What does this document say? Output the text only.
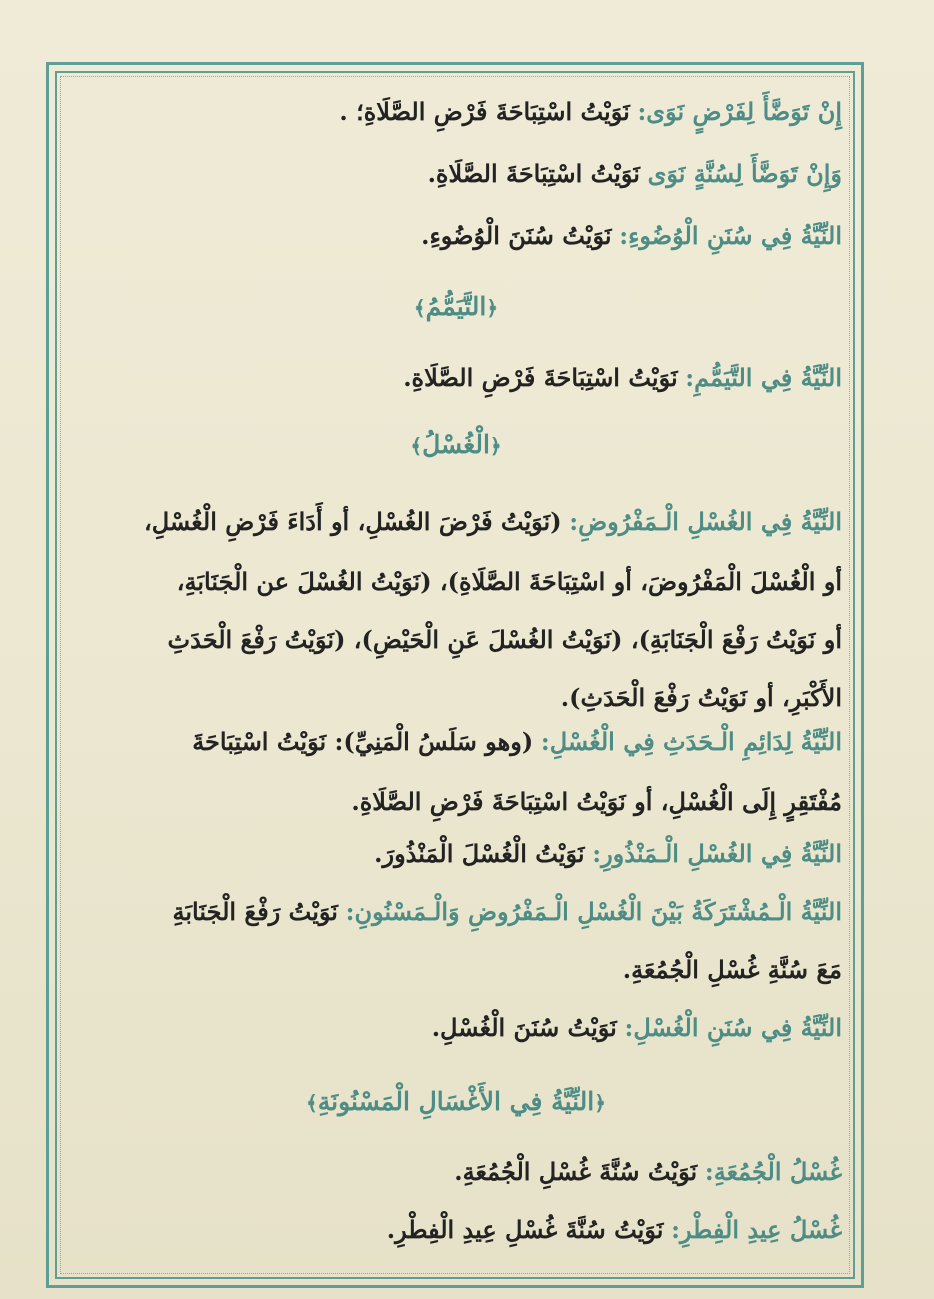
إِنْ تَوَضَّأَ لِفَرْضٍ نَوَى: نَوَيْتُ اسْتِبَاحَةَ فَرْضِ الصَّلَاةِ؛ .
وَإِنْ تَوَضَّأَ لِسُنَّةٍ نَوَى نَوَيْتُ اسْتِبَاحَةَ الصَّلَاةِ.
النِّيَّةُ فِي سُنَنِ الْوُضُوءِ: نَوَيْتُ سُنَنَ الْوُضُوءِ.
﴿التَّيَمُّمُ﴾
النِّيَّةُ فِي التَّيَمُّمِ: نَوَيْتُ اسْتِبَاحَةَ فَرْضِ الصَّلَاةِ.
﴿الْغُسْلُ﴾
النِّيَّةُ فِي الغُسْلِ الْـمَفْرُوضِ: (نَوَيْتُ فَرْضَ الغُسْلِ، أو أَدَاءَ فَرْضِ الْغُسْلِ،
أو الْغُسْلَ الْمَفْرُوضَ، أو اسْتِبَاحَةَ الصَّلَاةِ)، (نَوَيْتُ الغُسْلَ عن الْجَنَابَةِ،
أو نَوَيْتُ رَفْعَ الْجَنَابَةِ)، (نَوَيْتُ الغُسْلَ عَنِ الْحَيْضِ)، (نَوَيْتُ رَفْعَ الْحَدَثِ
الأَكْبَرِ، أو نَوَيْتُ رَفْعَ الْحَدَثِ).
النِّيَّةُ لِدَائِمِ الْـحَدَثِ فِي الْغُسْلِ: (وهو سَلَسُ الْمَنِيِّ): نَوَيْتُ اسْتِبَاحَةَ
مُفْتَقِرٍ إِلَى الْغُسْلِ، أو نَوَيْتُ اسْتِبَاحَةَ فَرْضِ الصَّلَاةِ.
النِّيَّةُ فِي الغُسْلِ الْـمَنْذُورِ: نَوَيْتُ الْغُسْلَ الْمَنْذُورَ.
النِّيَّةُ الْـمُشْتَرَكَةُ بَيْنَ الْغُسْلِ الْـمَفْرُوضِ وَالْـمَسْنُونِ: نَوَيْتُ رَفْعَ الْجَنَابَةِ
مَعَ سُنَّةِ غُسْلِ الْجُمُعَةِ.
النِّيَّةُ فِي سُنَنِ الْغُسْلِ: نَوَيْتُ سُنَنَ الْغُسْلِ.
﴿النِّيَّةُ فِي الأَغْسَالِ الْمَسْنُونَةِ﴾
غُسْلُ الْجُمُعَةِ: نَوَيْتُ سُنَّةَ غُسْلِ الْجُمُعَةِ.
غُسْلُ عِيدِ الْفِطْرِ: نَوَيْتُ سُنَّةَ غُسْلِ عِيدِ الْفِطْرِ.
